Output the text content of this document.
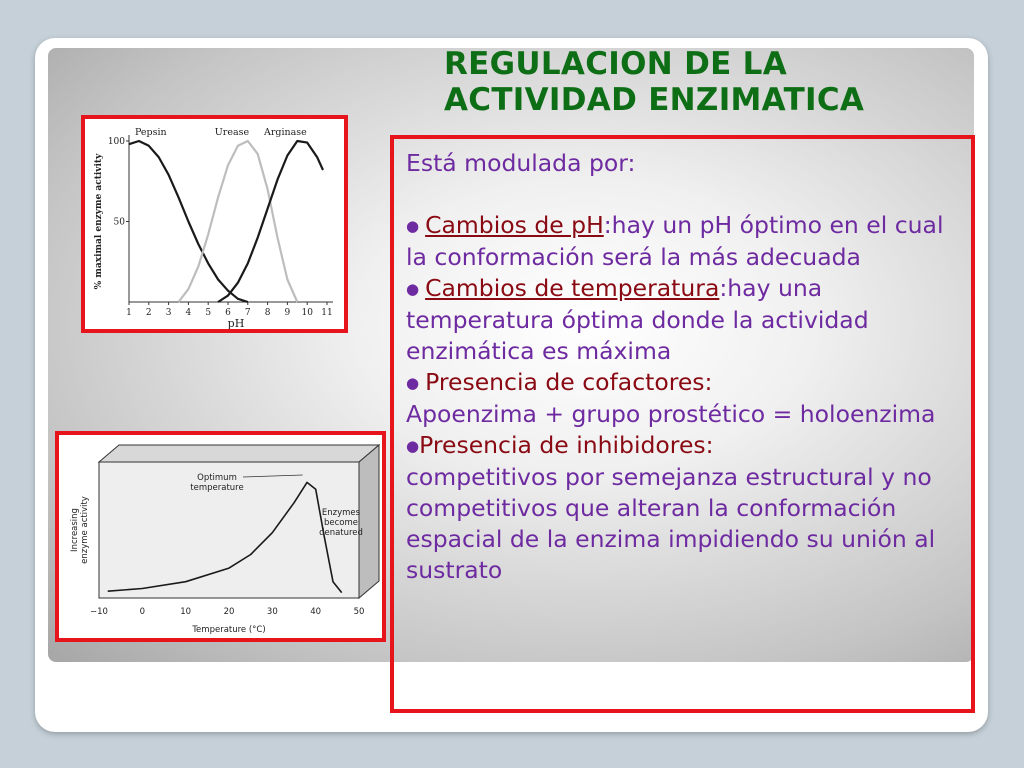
REGULACION DE LA
ACTIVIDAD ENZIMATICA
1 2 3 4 5 6 7 8 9 10 11
50
100
pH
% maximal enzyme activity
Pepsin	Urease Arginase
−10	0	10	20	30	40	50
Temperature (°C)
Increasing enzyme activity
Optimum
temperature
Enzymes
become
denatured

Está modulada por:

● Cambios de pH:hay un pH óptimo en el cual la conformación será la más adecuada

● Cambios de temperatura:hay una temperatura óptima donde la actividad enzimática es máxima

● Presencia de cofactores:
Apoenzima + grupo prostético = holoenzima

●Presencia de inhibidores:
competitivos por semejanza estructural y no competitivos que alteran la conformación espacial de la enzima impidiendo su unión al sustrato
